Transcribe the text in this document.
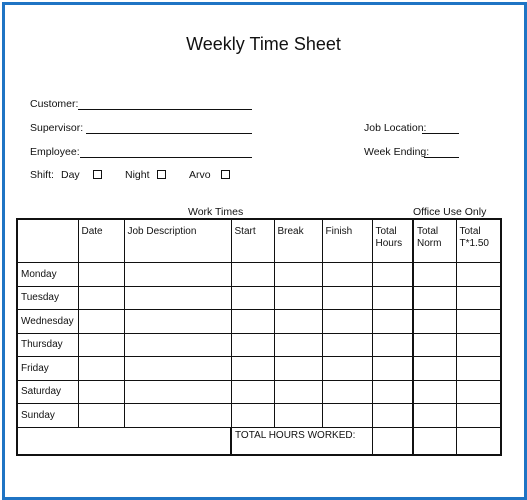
Weekly Time Sheet
Customer:
Supervisor:
Employee:
Job Location:
Week Ending:
Shift: Day	Night	Arvo
Work Times	Office Use Only
	Date	Job Description	Start	Break	Finish	Total Hours	Total Norm	Total T*1.50
Monday								
Tuesday								
Wednesday								
Thursday								
Friday								
Saturday								
Sunday								
			TOTAL HOURS WORKED:					
